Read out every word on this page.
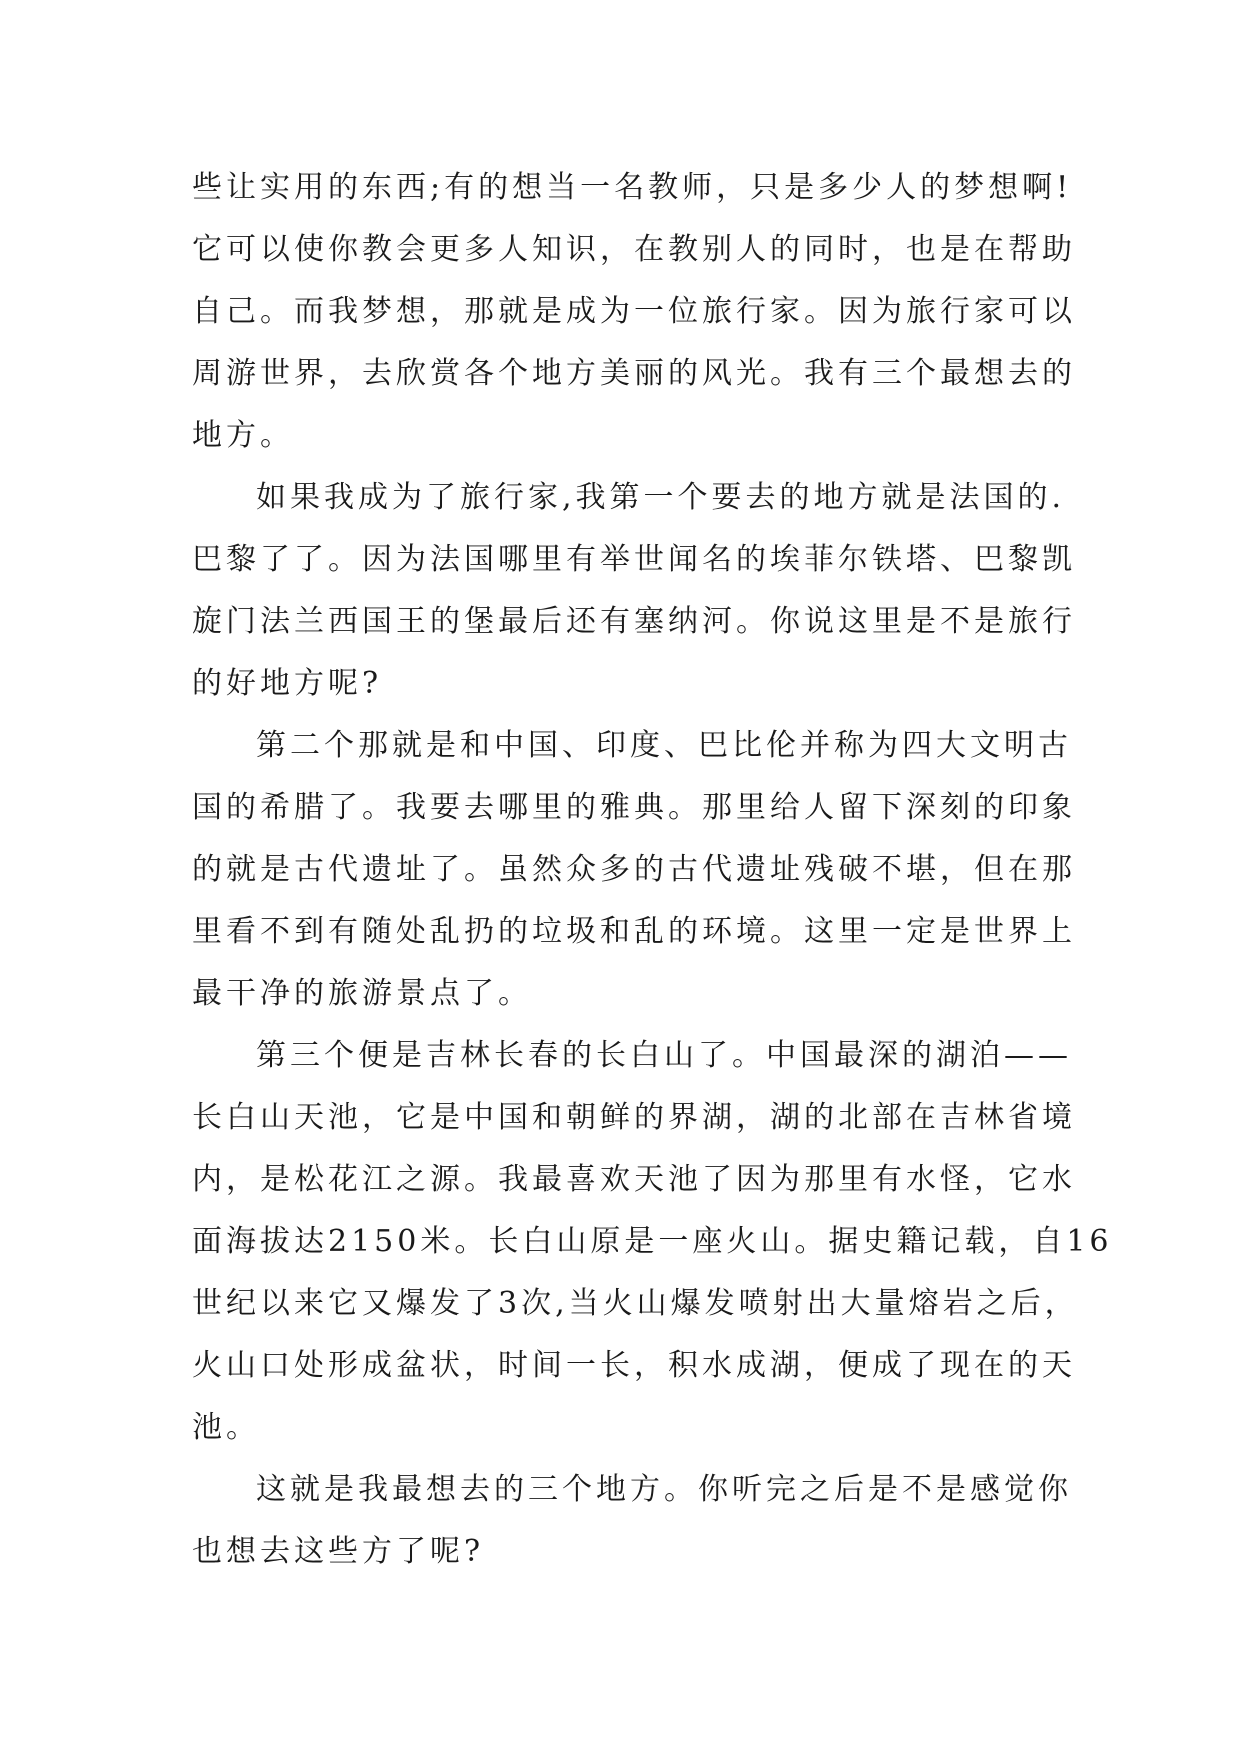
些让实用的东西;有的想当一名教师，只是多少人的梦想啊!
它可以使你教会更多人知识，在教别人的同时，也是在帮助
自己。而我梦想，那就是成为一位旅行家。因为旅行家可以
周游世界，去欣赏各个地方美丽的风光。我有三个最想去的
地方。

如果我成为了旅行家,我第一个要去的地方就是法国的.
巴黎了了。因为法国哪里有举世闻名的埃菲尔铁塔、巴黎凯
旋门法兰西国王的堡最后还有塞纳河。你说这里是不是旅行
的好地方呢?

第二个那就是和中国、印度、巴比伦并称为四大文明古
国的希腊了。我要去哪里的雅典。那里给人留下深刻的印象
的就是古代遗址了。虽然众多的古代遗址残破不堪，但在那
里看不到有随处乱扔的垃圾和乱的环境。这里一定是世界上
最干净的旅游景点了。

第三个便是吉林长春的长白山了。中国最深的湖泊——
长白山天池，它是中国和朝鲜的界湖，湖的北部在吉林省境
内，是松花江之源。我最喜欢天池了因为那里有水怪，它水
面海拔达2150米。长白山原是一座火山。据史籍记载，自16
世纪以来它又爆发了3次,当火山爆发喷射出大量熔岩之后，
火山口处形成盆状，时间一长，积水成湖，便成了现在的天
池。

这就是我最想去的三个地方。你听完之后是不是感觉你
也想去这些方了呢?
